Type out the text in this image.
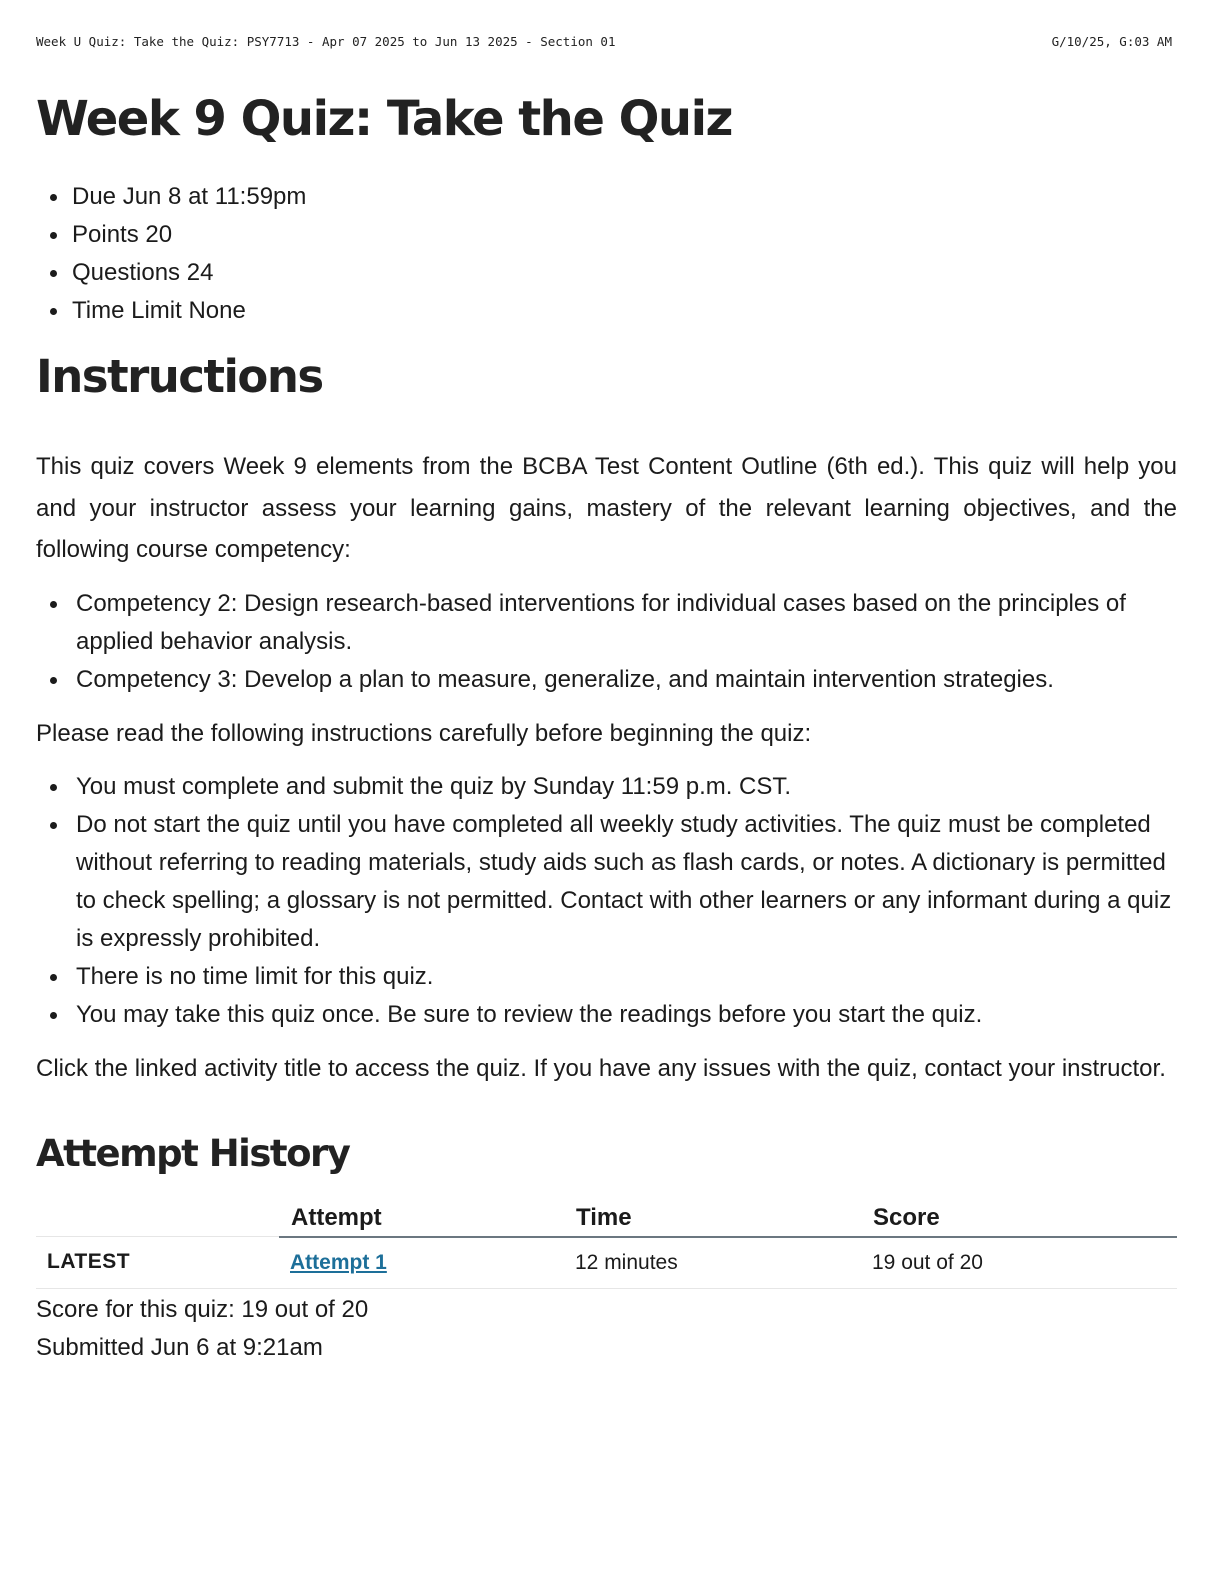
Week U Quiz: Take the Quiz: PSY7713 - Apr 07 2025 to Jun 13 2025 - Section 01	G/10/25, G:03 AM
Week 9 Quiz: Take the Quiz
Due Jun 8 at 11:59pm
Points 20
Questions 24
Time Limit None
Instructions

This quiz covers Week 9 elements from the BCBA Test Content Outline (6th ed.). This quiz will help you and your instructor assess your learning gains, mastery of the relevant learning objectives, and the following course competency:

Competency 2: Design research-based interventions for individual cases based on the principles of applied behavior analysis.
Competency 3: Develop a plan to measure, generalize, and maintain intervention strategies.

Please read the following instructions carefully before beginning the quiz:

You must complete and submit the quiz by Sunday 11:59 p.m. CST.
Do not start the quiz until you have completed all weekly study activities. The quiz must be completed without referring to reading materials, study aids such as flash cards, or notes. A dictionary is permitted to check spelling; a glossary is not permitted. Contact with other learners or any informant during a quiz is expressly prohibited.
There is no time limit for this quiz.
You may take this quiz once. Be sure to review the readings before you start the quiz.

Click the linked activity title to access the quiz. If you have any issues with the quiz, contact your instructor.

Attempt History
	Attempt	Time	Score
LATEST	Attempt 1	12 minutes	19 out of 20

Score for this quiz: 19 out of 20

Submitted Jun 6 at 9:21am
